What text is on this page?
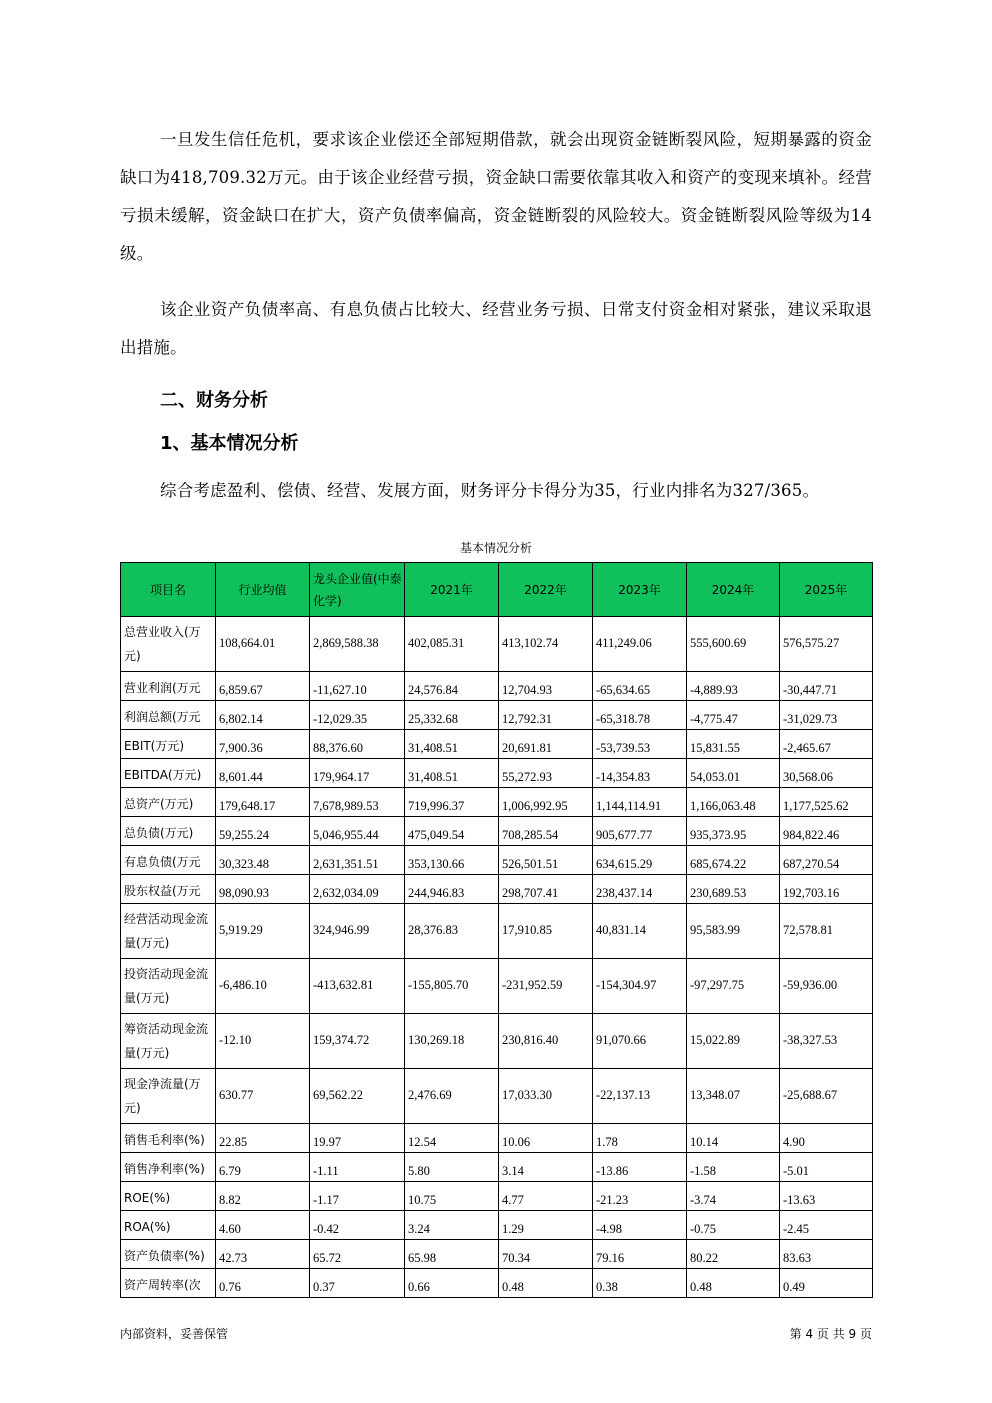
一旦发生信任危机，要求该企业偿还全部短期借款，就会出现资金链断裂风险，短期暴露的资金缺口为418,709.32万元。由于该企业经营亏损，资金缺口需要依靠其收入和资产的变现来填补。经营亏损未缓解，资金缺口在扩大，资产负债率偏高，资金链断裂的风险较大。资金链断裂风险等级为14级。

该企业资产负债率高、有息负债占比较大、经营业务亏损、日常支付资金相对紧张，建议采取退出措施。

二、财务分析
1、基本情况分析

综合考虑盈利、偿债、经营、发展方面，财务评分卡得分为35，行业内排名为327/365。

基本情况分析
项目名	行业均值	龙头企业值(中泰化学)	2021年	2022年	2023年	2024年	2025年
总营业收入(万元)	108,664.01	2,869,588.38	402,085.31	413,102.74	411,249.06	555,600.69	576,575.27
营业利润(万元	6,859.67	-11,627.10	24,576.84	12,704.93	-65,634.65	-4,889.93	-30,447.71
利润总额(万元	6,802.14	-12,029.35	25,332.68	12,792.31	-65,318.78	-4,775.47	-31,029.73
EBIT(万元)	7,900.36	88,376.60	31,408.51	20,691.81	-53,739.53	15,831.55	-2,465.67
EBITDA(万元)	8,601.44	179,964.17	31,408.51	55,272.93	-14,354.83	54,053.01	30,568.06
总资产(万元)	179,648.17	7,678,989.53	719,996.37	1,006,992.95	1,144,114.91	1,166,063.48	1,177,525.62
总负债(万元)	59,255.24	5,046,955.44	475,049.54	708,285.54	905,677.77	935,373.95	984,822.46
有息负债(万元	30,323.48	2,631,351.51	353,130.66	526,501.51	634,615.29	685,674.22	687,270.54
股东权益(万元	98,090.93	2,632,034.09	244,946.83	298,707.41	238,437.14	230,689.53	192,703.16
经营活动现金流量(万元)	5,919.29	324,946.99	28,376.83	17,910.85	40,831.14	95,583.99	72,578.81
投资活动现金流量(万元)	-6,486.10	-413,632.81	-155,805.70	-231,952.59	-154,304.97	-97,297.75	-59,936.00
筹资活动现金流量(万元)	-12.10	159,374.72	130,269.18	230,816.40	91,070.66	15,022.89	-38,327.53
现金净流量(万元)	630.77	69,562.22	2,476.69	17,033.30	-22,137.13	13,348.07	-25,688.67
销售毛利率(%)	22.85	19.97	12.54	10.06	1.78	10.14	4.90
销售净利率(%)	6.79	-1.11	5.80	3.14	-13.86	-1.58	-5.01
ROE(%)	8.82	-1.17	10.75	4.77	-21.23	-3.74	-13.63
ROA(%)	4.60	-0.42	3.24	1.29	-4.98	-0.75	-2.45
资产负债率(%)	42.73	65.72	65.98	70.34	79.16	80.22	83.63
资产周转率(次	0.76	0.37	0.66	0.48	0.38	0.48	0.49
内部资料，妥善保管	第 4 页 共 9 页
